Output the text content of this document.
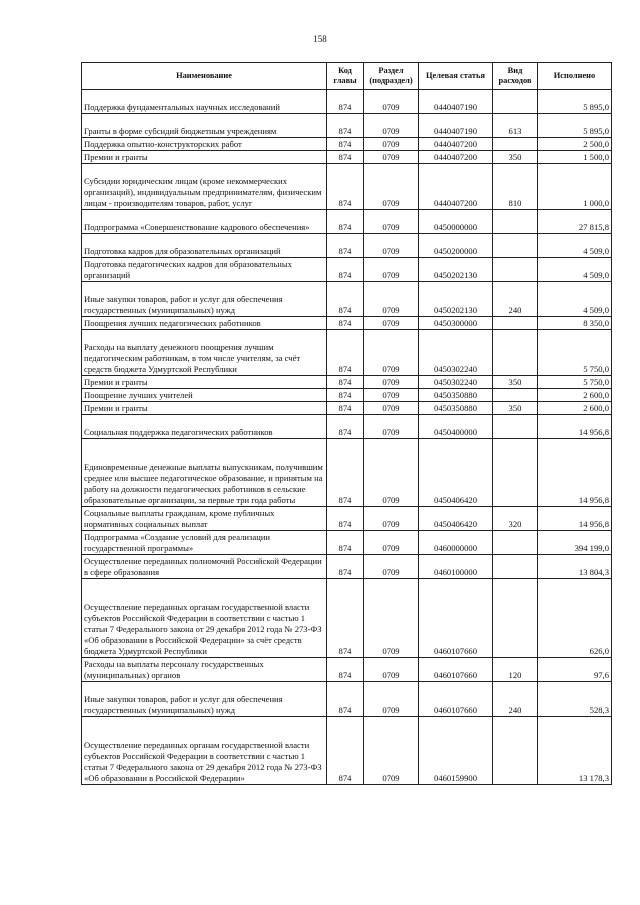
158
Наименование	Код главы	Раздел (подраздел)	Целевая статья	Вид расходов	Исполнено
Поддержка фундаментальных научных исследований	874	0709	0440407190		5 895,0
Гранты в форме субсидий бюджетным учреждениям	874	0709	0440407190	613	5 895,0
Поддержка опытно-конструкторских работ	874	0709	0440407200		2 500,0
Премии и гранты	874	0709	0440407200	350	1 500,0
Субсидии юридическим лицам (кроме некоммерческих организаций), индивидуальным предпринимателям, физическим лицам - производителям товаров, работ, услуг	874	0709	0440407200	810	1 000,0
Подпрограмма «Совершенствование кадрового обеспечения»	874	0709	0450000000		27 815,8
Подготовка кадров для образовательных организаций	874	0709	0450200000		4 509,0
Подготовка педагогических кадров для образовательных организаций	874	0709	0450202130		4 509,0
Иные закупки товаров, работ и услуг для обеспечения государственных (муниципальных) нужд	874	0709	0450202130	240	4 509,0
Поощрения лучших педагогических работников	874	0709	0450300000		8 350,0
Расходы на выплату денежного поощрения лучшим педагогическим работникам, в том числе учителям, за счёт средств бюджета Удмуртской Республики	874	0709	0450302240		5 750,0
Премии и гранты	874	0709	0450302240	350	5 750,0
Поощрение лучших учителей	874	0709	0450350880		2 600,0
Премии и гранты	874	0709	0450350880	350	2 600,0
Социальная поддержка педагогических работников	874	0709	0450400000		14 956,8
Единовременные денежные выплаты выпускникам, получившим среднее или высшее педагогическое образование, и принятым на работу на должности педагогических работников в сельские образовательные организации, за первые три года работы	874	0709	0450406420		14 956,8
Социальные выплаты гражданам, кроме публичных нормативных социальных выплат	874	0709	0450406420	320	14 956,8
Подпрограмма «Создание условий для реализации государственной программы»	874	0709	0460000000		394 199,0
Осуществление переданных полномочий Российской Федерации в сфере образования	874	0709	0460100000		13 804,3
Осуществление переданных органам государственной власти субъектов Российской Федерации в соответствии с частью 1 статьи 7 Федерального закона от 29 декабря 2012 года № 273-ФЗ «Об образовании в Российской Федерации» за счёт средств бюджета Удмуртской Республики	874	0709	0460107660		626,0
Расходы на выплаты персоналу государственных (муниципальных) органов	874	0709	0460107660	120	97,6
Иные закупки товаров, работ и услуг для обеспечения государственных (муниципальных) нужд	874	0709	0460107660	240	528,3
Осуществление переданных органам государственной власти субъектов Российской Федерации в соответствии с частью 1 статьи 7 Федерального закона от 29 декабря 2012 года № 273-ФЗ «Об образовании в Российской Федерации»	874	0709	0460159900		13 178,3
